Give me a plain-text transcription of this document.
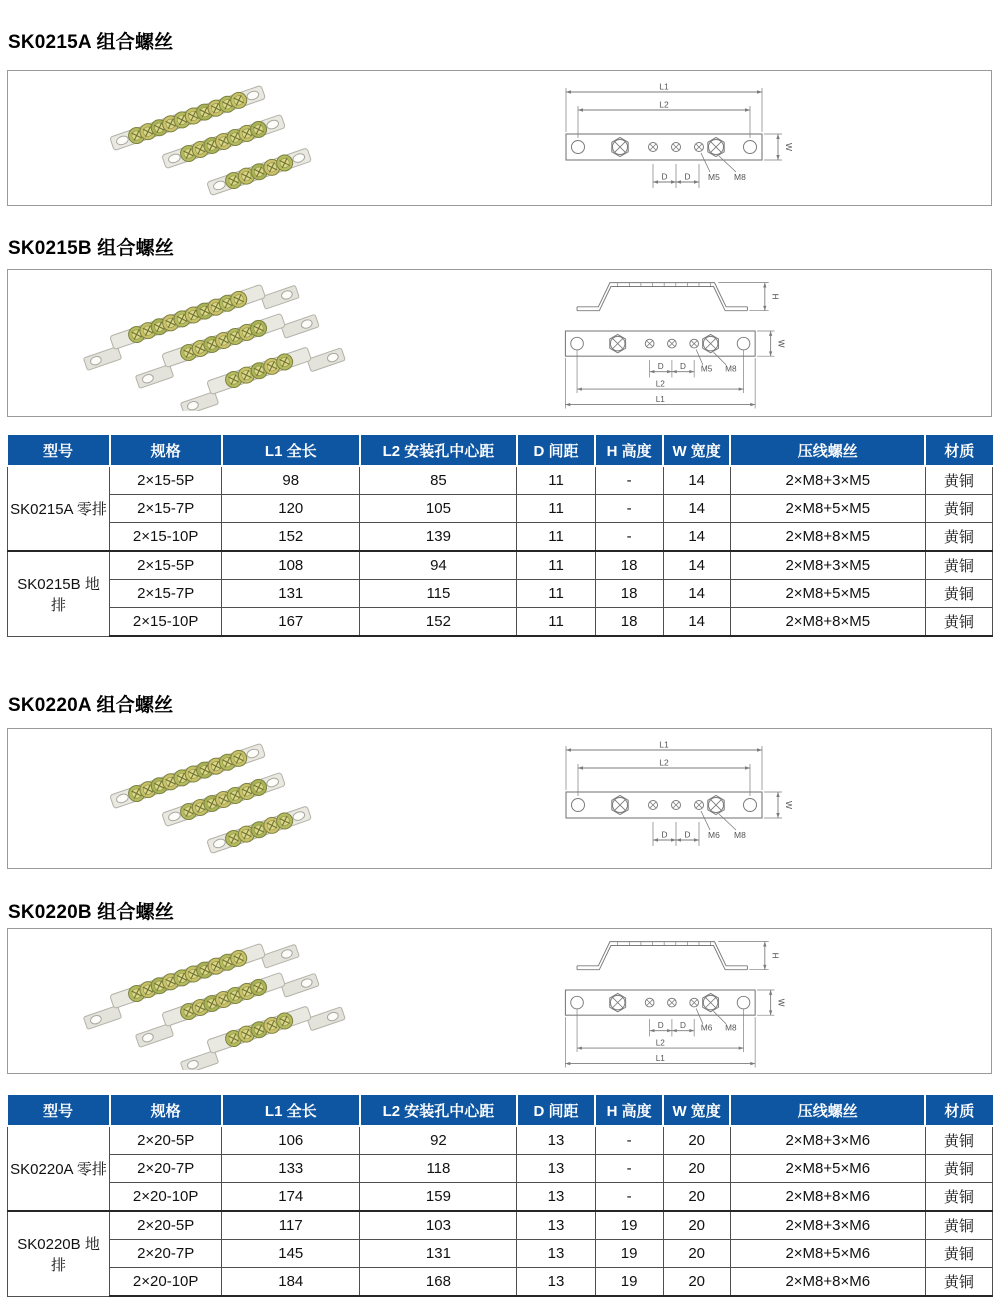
SK0215A 组合螺丝
W
L1
L2
D D M5 M8
SK0215B 组合螺丝
H
W
D D M5 M8
L2
L1
型号	规格	L1 全长	L2 安装孔中心距	D 间距	H 高度	W 宽度	压线螺丝	材质
SK0215A 零排	2×15-5P	98	85	11	-	14	2×M8+3×M5	黄铜
	2×15-7P	120	105	11	-	14	2×M8+5×M5	黄铜
	2×15-10P	152	139	11	-	14	2×M8+8×M5	黄铜
SK0215B 地排	2×15-5P	108	94	11	18	14	2×M8+3×M5	黄铜
	2×15-7P	131	115	11	18	14	2×M8+5×M5	黄铜
	2×15-10P	167	152	11	18	14	2×M8+8×M5	黄铜
SK0220A 组合螺丝
W
L1
L2
D D M6 M8
SK0220B 组合螺丝
H
W
D D M6 M8
L2
L1
型号	规格	L1 全长	L2 安装孔中心距	D 间距	H 高度	W 宽度	压线螺丝	材质
SK0220A 零排	2×20-5P	106	92	13	-	20	2×M8+3×M6	黄铜
	2×20-7P	133	118	13	-	20	2×M8+5×M6	黄铜
	2×20-10P	174	159	13	-	20	2×M8+8×M6	黄铜
SK0220B 地排	2×20-5P	117	103	13	19	20	2×M8+3×M6	黄铜
	2×20-7P	145	131	13	19	20	2×M8+5×M6	黄铜
	2×20-10P	184	168	13	19	20	2×M8+8×M6	黄铜
